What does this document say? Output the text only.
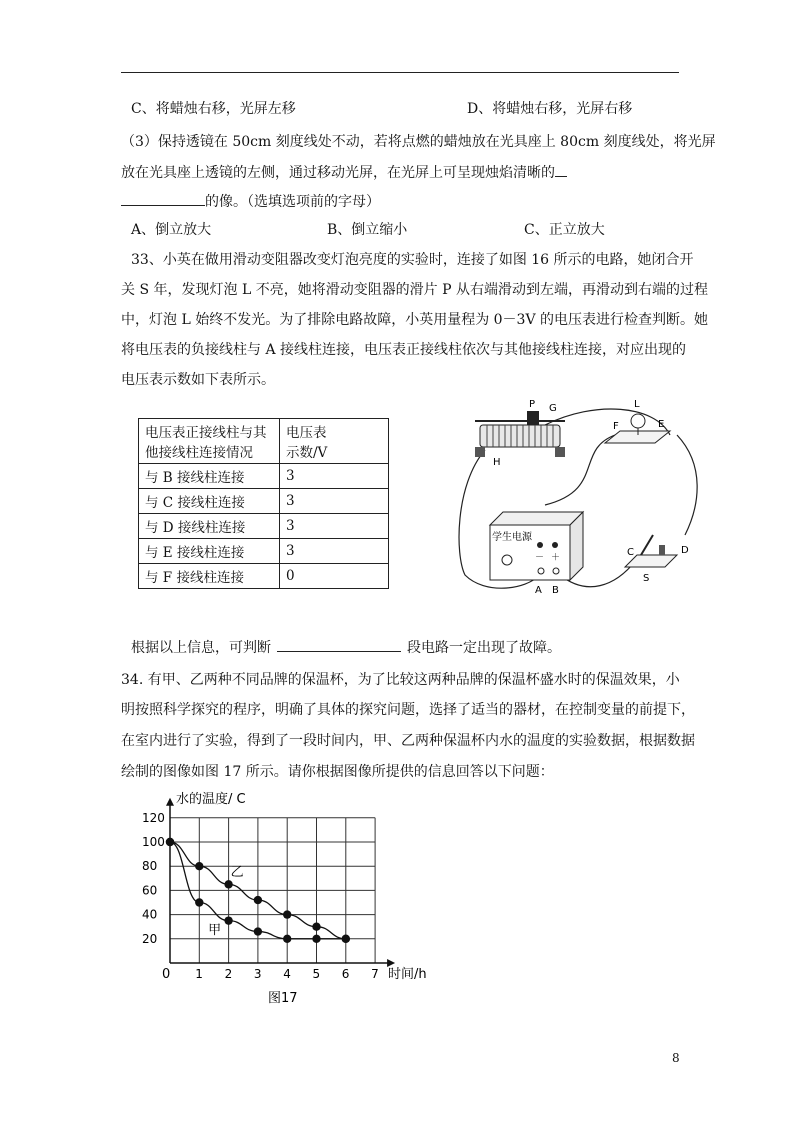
C、将蜡烛右移，光屏左移	D、将蜡烛右移，光屏右移
（3）保持透镜在 50cm 刻度线处不动，若将点燃的蜡烛放在光具座上 80cm 刻度线处，将光屏
放在光具座上透镜的左侧，通过移动光屏，在光屏上可呈现烛焰清晰的
的像。（选填选项前的字母）
A、倒立放大	B、倒立缩小	C、正立放大
33、小英在做用滑动变阻器改变灯泡亮度的实验时，连接了如图 16 所示的电路，她闭合开
关 S 年，发现灯泡 L 不亮，她将滑动变阻器的滑片 P 从右端滑动到左端，再滑动到右端的过程
中，灯泡 L 始终不发光。为了排除电路故障，小英用量程为 0－3V 的电压表进行检查判断。她
将电压表的负接线柱与 A 接线柱连接，电压表正接线柱依次与其他接线柱连接，对应出现的
电压表示数如下表所示。
电压表正接线柱与其
他接线柱连接情况	电压表
示数/V
与 B 接线柱连接	3
与 C 接线柱连接	3
与 D 接线柱连接	3
与 E 接线柱连接	3
与 F 接线柱连接	0
P G
H
L
F	E
学生电源
－ ＋
A B
C	D
S
根据以上信息，可判断	段电路一定出现了故障。
34. 有甲、乙两种不同品牌的保温杯，为了比较这两种品牌的保温杯盛水时的保温效果，小
明按照科学探究的程序，明确了具体的探究问题，选择了适当的器材，在控制变量的前提下，
在室内进行了实验，得到了一段时间内，甲、乙两种保温杯内水的温度的实验数据，根据数据
绘制的图像如图 17 所示。请你根据图像所提供的信息回答以下问题：
1 2 3 4 5 6 7
20
40
60
80
100
120
乙
甲
水的温度/ C
时间/h
0
图17
8
